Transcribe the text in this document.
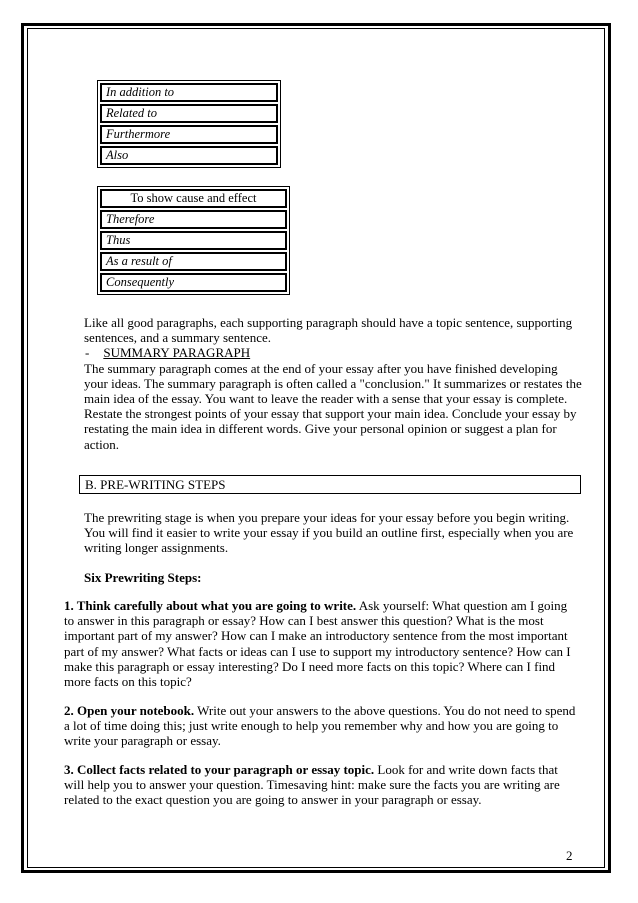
In addition to
Related to
Furthermore
Also
To show cause and effect
Therefore
Thus
As a result of
Consequently

Like all good paragraphs, each supporting paragraph should have a topic sentence, supporting sentences, and a summary sentence.

- SUMMARY PARAGRAPH

The summary paragraph comes at the end of your essay after you have finished developing your ideas. The summary paragraph is often called a "conclusion." It summarizes or restates the main idea of the essay. You want to leave the reader with a sense that your essay is complete. Restate the strongest points of your essay that support your main idea. Conclude your essay by restating the main idea in different words. Give your personal opinion or suggest a plan for action.

B. PRE-WRITING STEPS

The prewriting stage is when you prepare your ideas for your essay before you begin writing. You will find it easier to write your essay if you build an outline first, especially when you are writing longer assignments.

Six Prewriting Steps:

1. Think carefully about what you are going to write. Ask yourself: What question am I going to answer in this paragraph or essay? How can I best answer this question? What is the most important part of my answer? How can I make an introductory sentence from the most important part of my answer? What facts or ideas can I use to support my introductory sentence? How can I make this paragraph or essay interesting? Do I need more facts on this topic? Where can I find more facts on this topic?

2. Open your notebook. Write out your answers to the above questions. You do not need to spend a lot of time doing this; just write enough to help you remember why and how you are going to write your paragraph or essay.

3. Collect facts related to your paragraph or essay topic. Look for and write down facts that will help you to answer your question. Timesaving hint: make sure the facts you are writing are related to the exact question you are going to answer in your paragraph or essay.

2
